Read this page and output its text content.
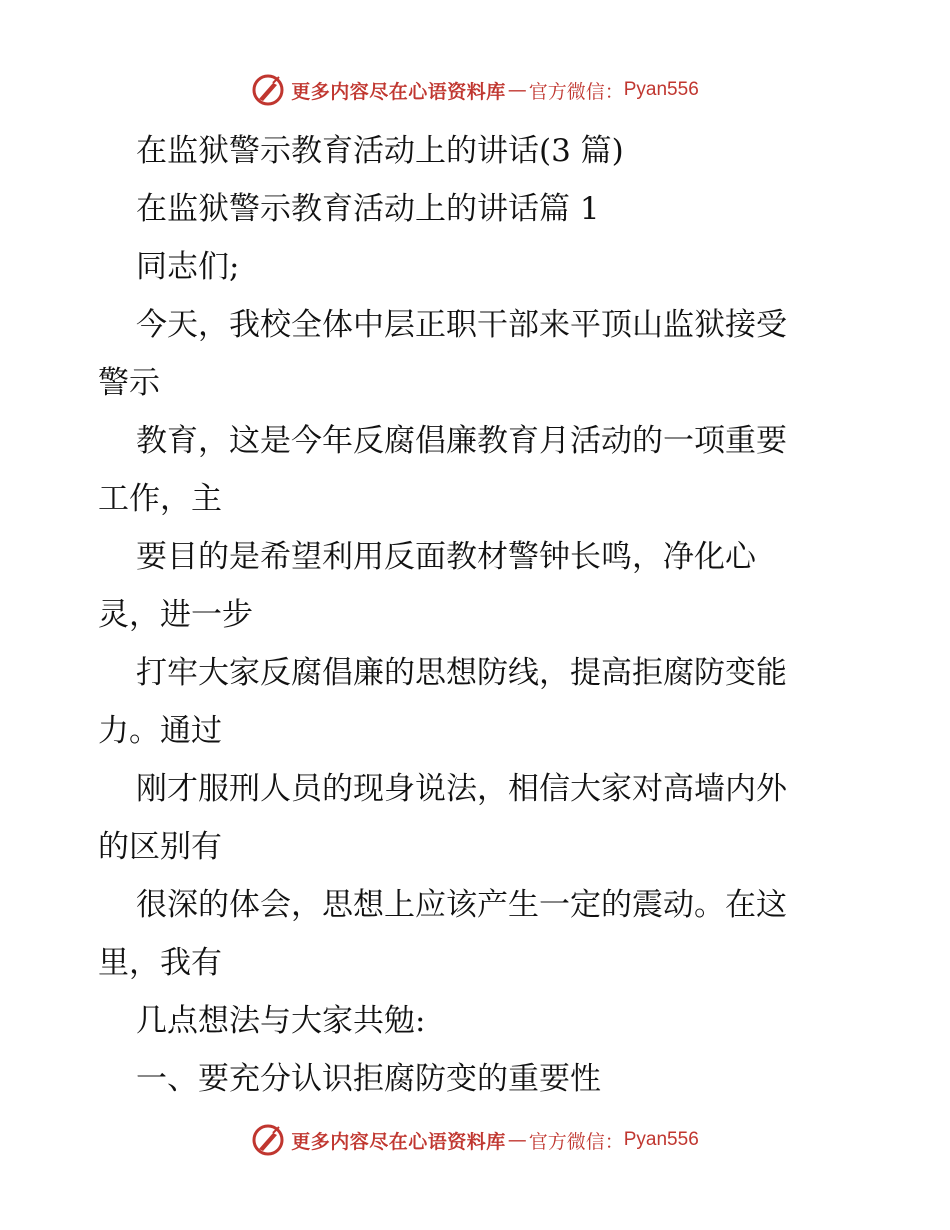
更多内容尽在心语资料库 — 官方微信： Pyan556
在监狱警示教育活动上的讲话(3 篇)
在监狱警示教育活动上的讲话篇 1
同志们;
今天，我校全体中层正职干部来平顶山监狱接受
警示
教育，这是今年反腐倡廉教育月活动的一项重要
工作，主
要目的是希望利用反面教材警钟长鸣，净化心
灵，进一步
打牢大家反腐倡廉的思想防线，提高拒腐防变能
力。通过
刚才服刑人员的现身说法，相信大家对高墙内外
的区别有
很深的体会，思想上应该产生一定的震动。在这
里，我有
几点想法与大家共勉:
一、要充分认识拒腐防变的重要性
更多内容尽在心语资料库 — 官方微信： Pyan556
